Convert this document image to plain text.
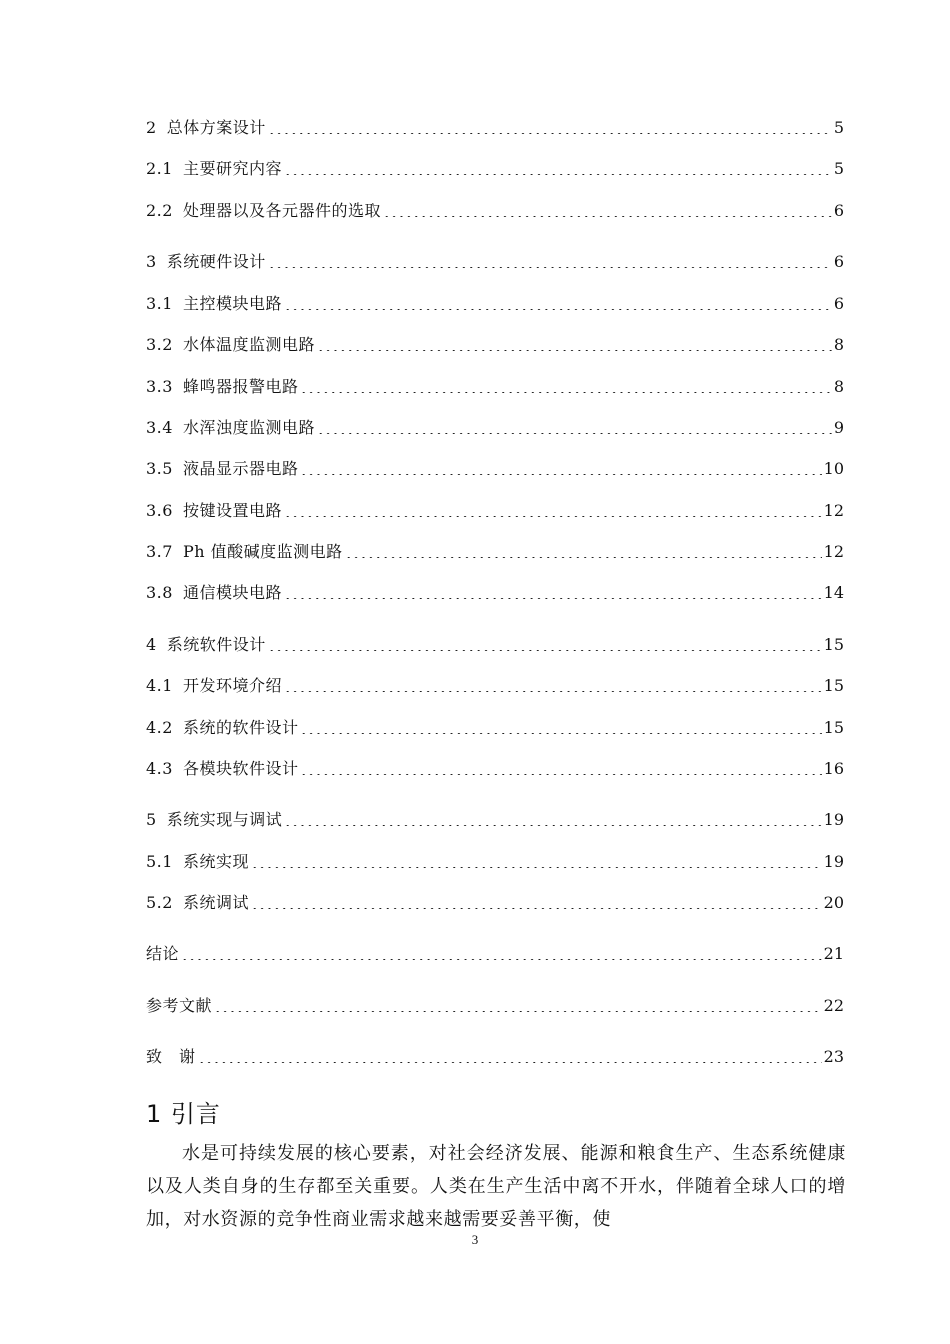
2 总体方案设计	5
2.1 主要研究内容	5
2.2 处理器以及各元器件的选取	6
3 系统硬件设计	6
3.1 主控模块电路	6
3.2 水体温度监测电路	8
3.3 蜂鸣器报警电路	8
3.4 水浑浊度监测电路	9
3.5 液晶显示器电路	10
3.6 按键设置电路	12
3.7 Ph 值酸碱度监测电路	12
3.8 通信模块电路	14
4 系统软件设计	15
4.1 开发环境介绍	15
4.2 系统的软件设计	15
4.3 各模块软件设计	16
5 系统实现与调试	19
5.1 系统实现	19
5.2 系统调试	20
结论	21
参考文献	22
致　谢	23
1 引言

水是可持续发展的核心要素，对社会经济发展、能源和粮食生产、生态系统健康以及人类自身的生存都至关重要。人类在生产生活中离不开水，伴随着全球人口的增加，对水资源的竞争性商业需求越来越需要妥善平衡，使

3
